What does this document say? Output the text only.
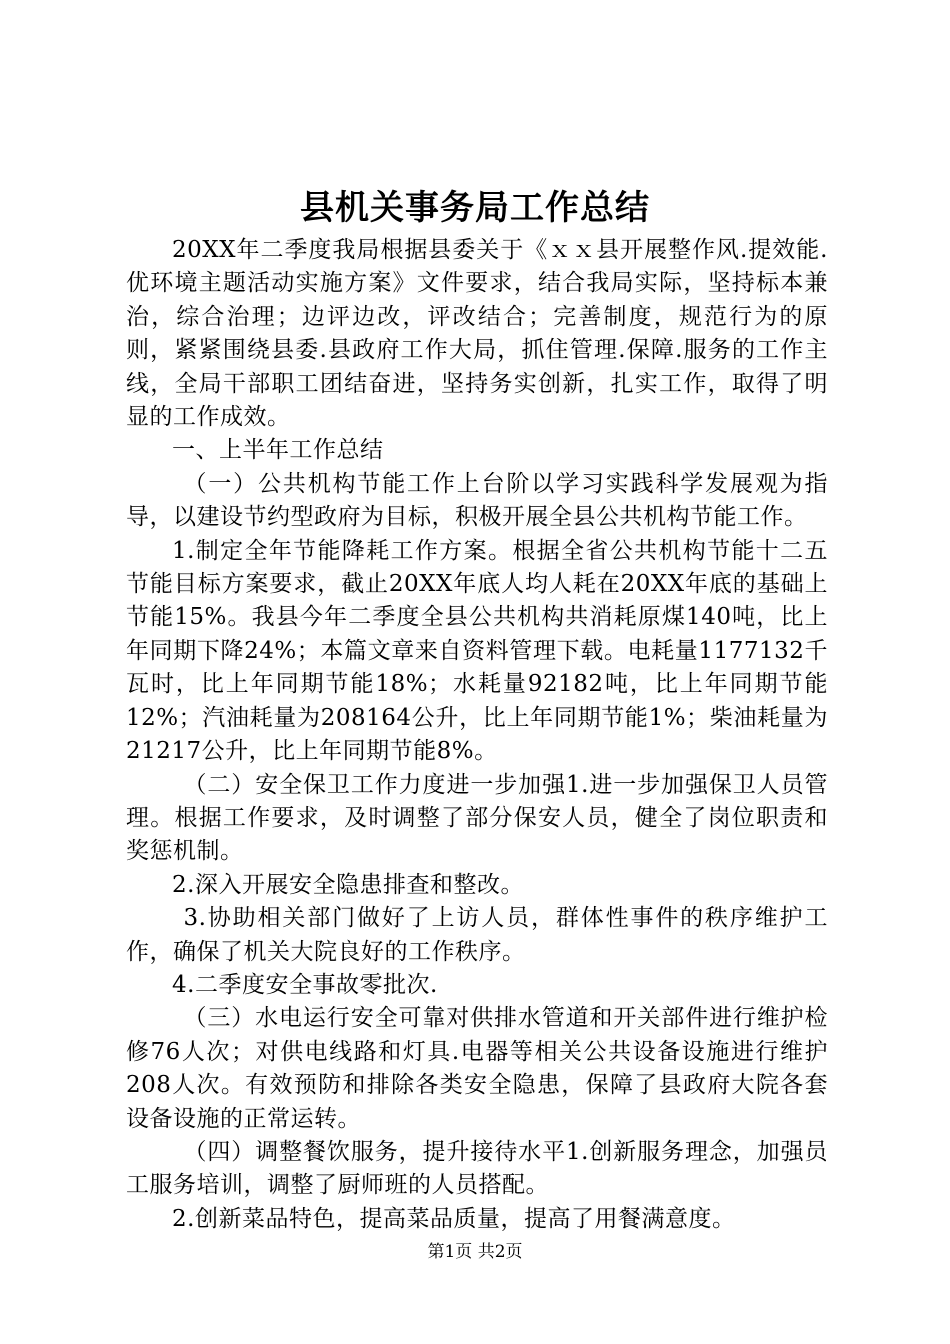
县机关事务局工作总结

20XX年二季度我局根据县委关于《ｘｘ县开展整作风.提效能.优环境主题活动实施方案》文件要求，结合我局实际，坚持标本兼治，综合治理；边评边改，评改结合；完善制度，规范行为的原则，紧紧围绕县委.县政府工作大局，抓住管理.保障.服务的工作主线，全局干部职工团结奋进，坚持务实创新，扎实工作，取得了明显的工作成效。

一、上半年工作总结

（一）公共机构节能工作上台阶以学习实践科学发展观为指导，以建设节约型政府为目标，积极开展全县公共机构节能工作。

1.制定全年节能降耗工作方案。根据全省公共机构节能十二五节能目标方案要求，截止20XX年底人均人耗在20XX年底的基础上节能15%。我县今年二季度全县公共机构共消耗原煤140吨，比上年同期下降24%；本篇文章来自资料管理下载。电耗量1177132千瓦时，比上年同期节能18%；水耗量92182吨，比上年同期节能12%；汽油耗量为208164公升，比上年同期节能1%；柴油耗量为21217公升，比上年同期节能8%。

（二）安全保卫工作力度进一步加强1.进一步加强保卫人员管理。根据工作要求，及时调整了部分保安人员，健全了岗位职责和奖惩机制。

2.深入开展安全隐患排查和整改。

3.协助相关部门做好了上访人员，群体性事件的秩序维护工作，确保了机关大院良好的工作秩序。

4.二季度安全事故零批次.

（三）水电运行安全可靠对供排水管道和开关部件进行维护检修76人次；对供电线路和灯具.电器等相关公共设备设施进行维护208人次。有效预防和排除各类安全隐患，保障了县政府大院各套设备设施的正常运转。

（四）调整餐饮服务，提升接待水平1.创新服务理念，加强员工服务培训，调整了厨师班的人员搭配。

2.创新菜品特色，提高菜品质量，提高了用餐满意度。

第1页 共2页
